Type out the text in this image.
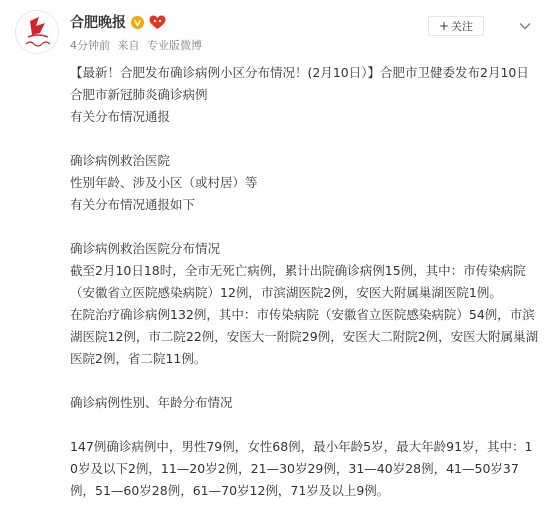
合肥晚报
4分钟前 来自 专业版微博
+ 关注
【最新！合肥发布确诊病例小区分布情况！(2月10日）】合肥市卫健委发布2月10日
合肥市新冠肺炎确诊病例
有关分布情况通报
确诊病例救治医院
性别年龄、涉及小区（或村居）等
有关分布情况通报如下
确诊病例救治医院分布情况
截至2月10日18时，全市无死亡病例，累计出院确诊病例15例，其中：市传染病院（安徽省立医院感染病院）12例，市滨湖医院2例，安医大附属巢湖医院1例。
在院治疗确诊病例132例，其中：市传染病院（安徽省立医院感染病院）54例，市滨湖医院12例，市二院22例，安医大一附院29例，安医大二附院2例，安医大附属巢湖医院2例，省二院11例。
确诊病例性别、年龄分布情况
147例确诊病例中，男性79例，女性68例，最小年龄5岁，最大年龄91岁，其中：10岁及以下2例，11—20岁2例，21—30岁29例，31—40岁28例，41—50岁37例，51—60岁28例，61—70岁12例，71岁及以上9例。
